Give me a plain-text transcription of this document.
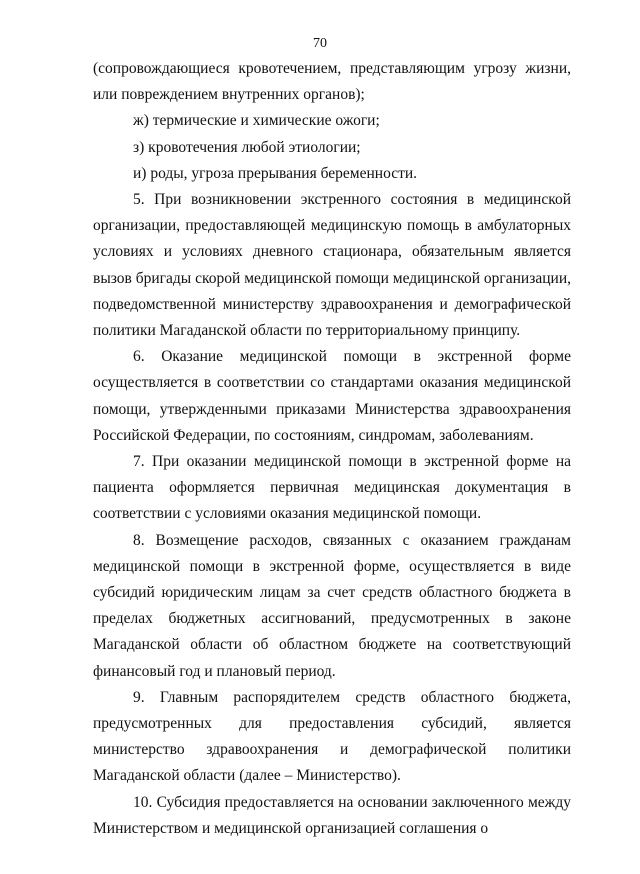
70

(сопровождающиеся кровотечением, представляющим угрозу жизни, или повреждением внутренних органов);

ж) термические и химические ожоги;

з) кровотечения любой этиологии;

и) роды, угроза прерывания беременности.

5. При возникновении экстренного состояния в медицинской организации, предоставляющей медицинскую помощь в амбулаторных условиях и условиях дневного стационара, обязательным является вызов бригады скорой медицинской помощи медицинской организации, подведомственной министерству здравоохранения и демографической политики Магаданской области по территориальному принципу.

6. Оказание медицинской помощи в экстренной форме осуществляется в соответствии со стандартами оказания медицинской помощи, утвержденными приказами Министерства здравоохранения Российской Федерации, по состояниям, синдромам, заболеваниям.

7. При оказании медицинской помощи в экстренной форме на пациента оформляется первичная медицинская документация в соответствии с условиями оказания медицинской помощи.

8. Возмещение расходов, связанных с оказанием гражданам медицинской помощи в экстренной форме, осуществляется в виде субсидий юридическим лицам за счет средств областного бюджета в пределах бюджетных ассигнований, предусмотренных в законе Магаданской области об областном бюджете на соответствующий финансовый год и плановый период.

9. Главным распорядителем средств областного бюджета, предусмотренных для предоставления субсидий, является министерство здравоохранения и демографической политики Магаданской области (далее – Министерство).

10. Субсидия предоставляется на основании заключенного между Министерством и медицинской организацией соглашения о
